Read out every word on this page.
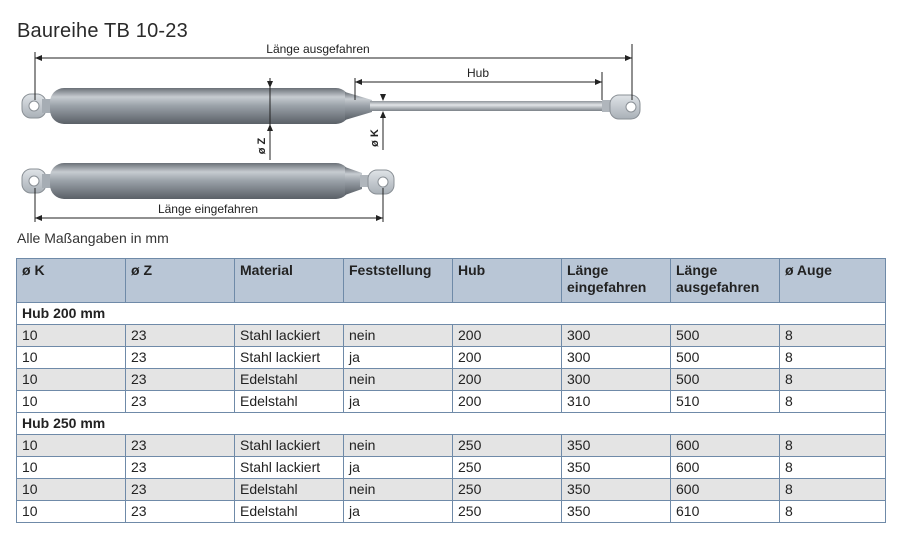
Baureihe TB 10-23
Länge ausgefahren
Hub
Länge eingefahren
ø Z	ø K
Alle Maßangaben in mm
ø K	ø Z	Material	Feststellung	Hub	Länge eingefahren	Länge ausgefahren	ø Auge
Hub 200 mm							
10	23	Stahl lackiert	nein	200	300	500	8
10	23	Stahl lackiert	ja	200	300	500	8
10	23	Edelstahl	nein	200	300	500	8
10	23	Edelstahl	ja	200	310	510	8
Hub 250 mm							
10	23	Stahl lackiert	nein	250	350	600	8
10	23	Stahl lackiert	ja	250	350	600	8
10	23	Edelstahl	nein	250	350	600	8
10	23	Edelstahl	ja	250	350	610	8
